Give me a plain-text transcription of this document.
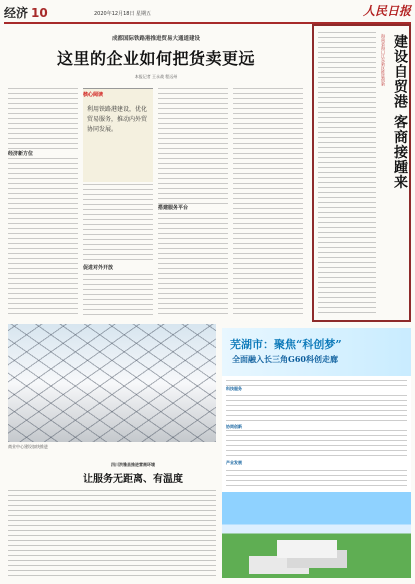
经济 10	2020年12月18日 星期五	人民日报
成都国际铁路港推进贸易大通道建设
这里的企业如何把货卖更远
本报记者 王永战 程远州
经济新方位
搭建服务平台
促进对外开放
核心阅读
利用铁路港建设，优化贸易服务，推动内外贸协同发展。
海南省海口江东新区推进创新 建设自贸港 客商接踵来
商业中心建设加快推进
四川洪雅县推进营商环境
让服务无距离、有温度
芜湖市：聚焦“科创梦”
全面融入长三角G60科创走廊
科技服务
协同创新
产业发展
